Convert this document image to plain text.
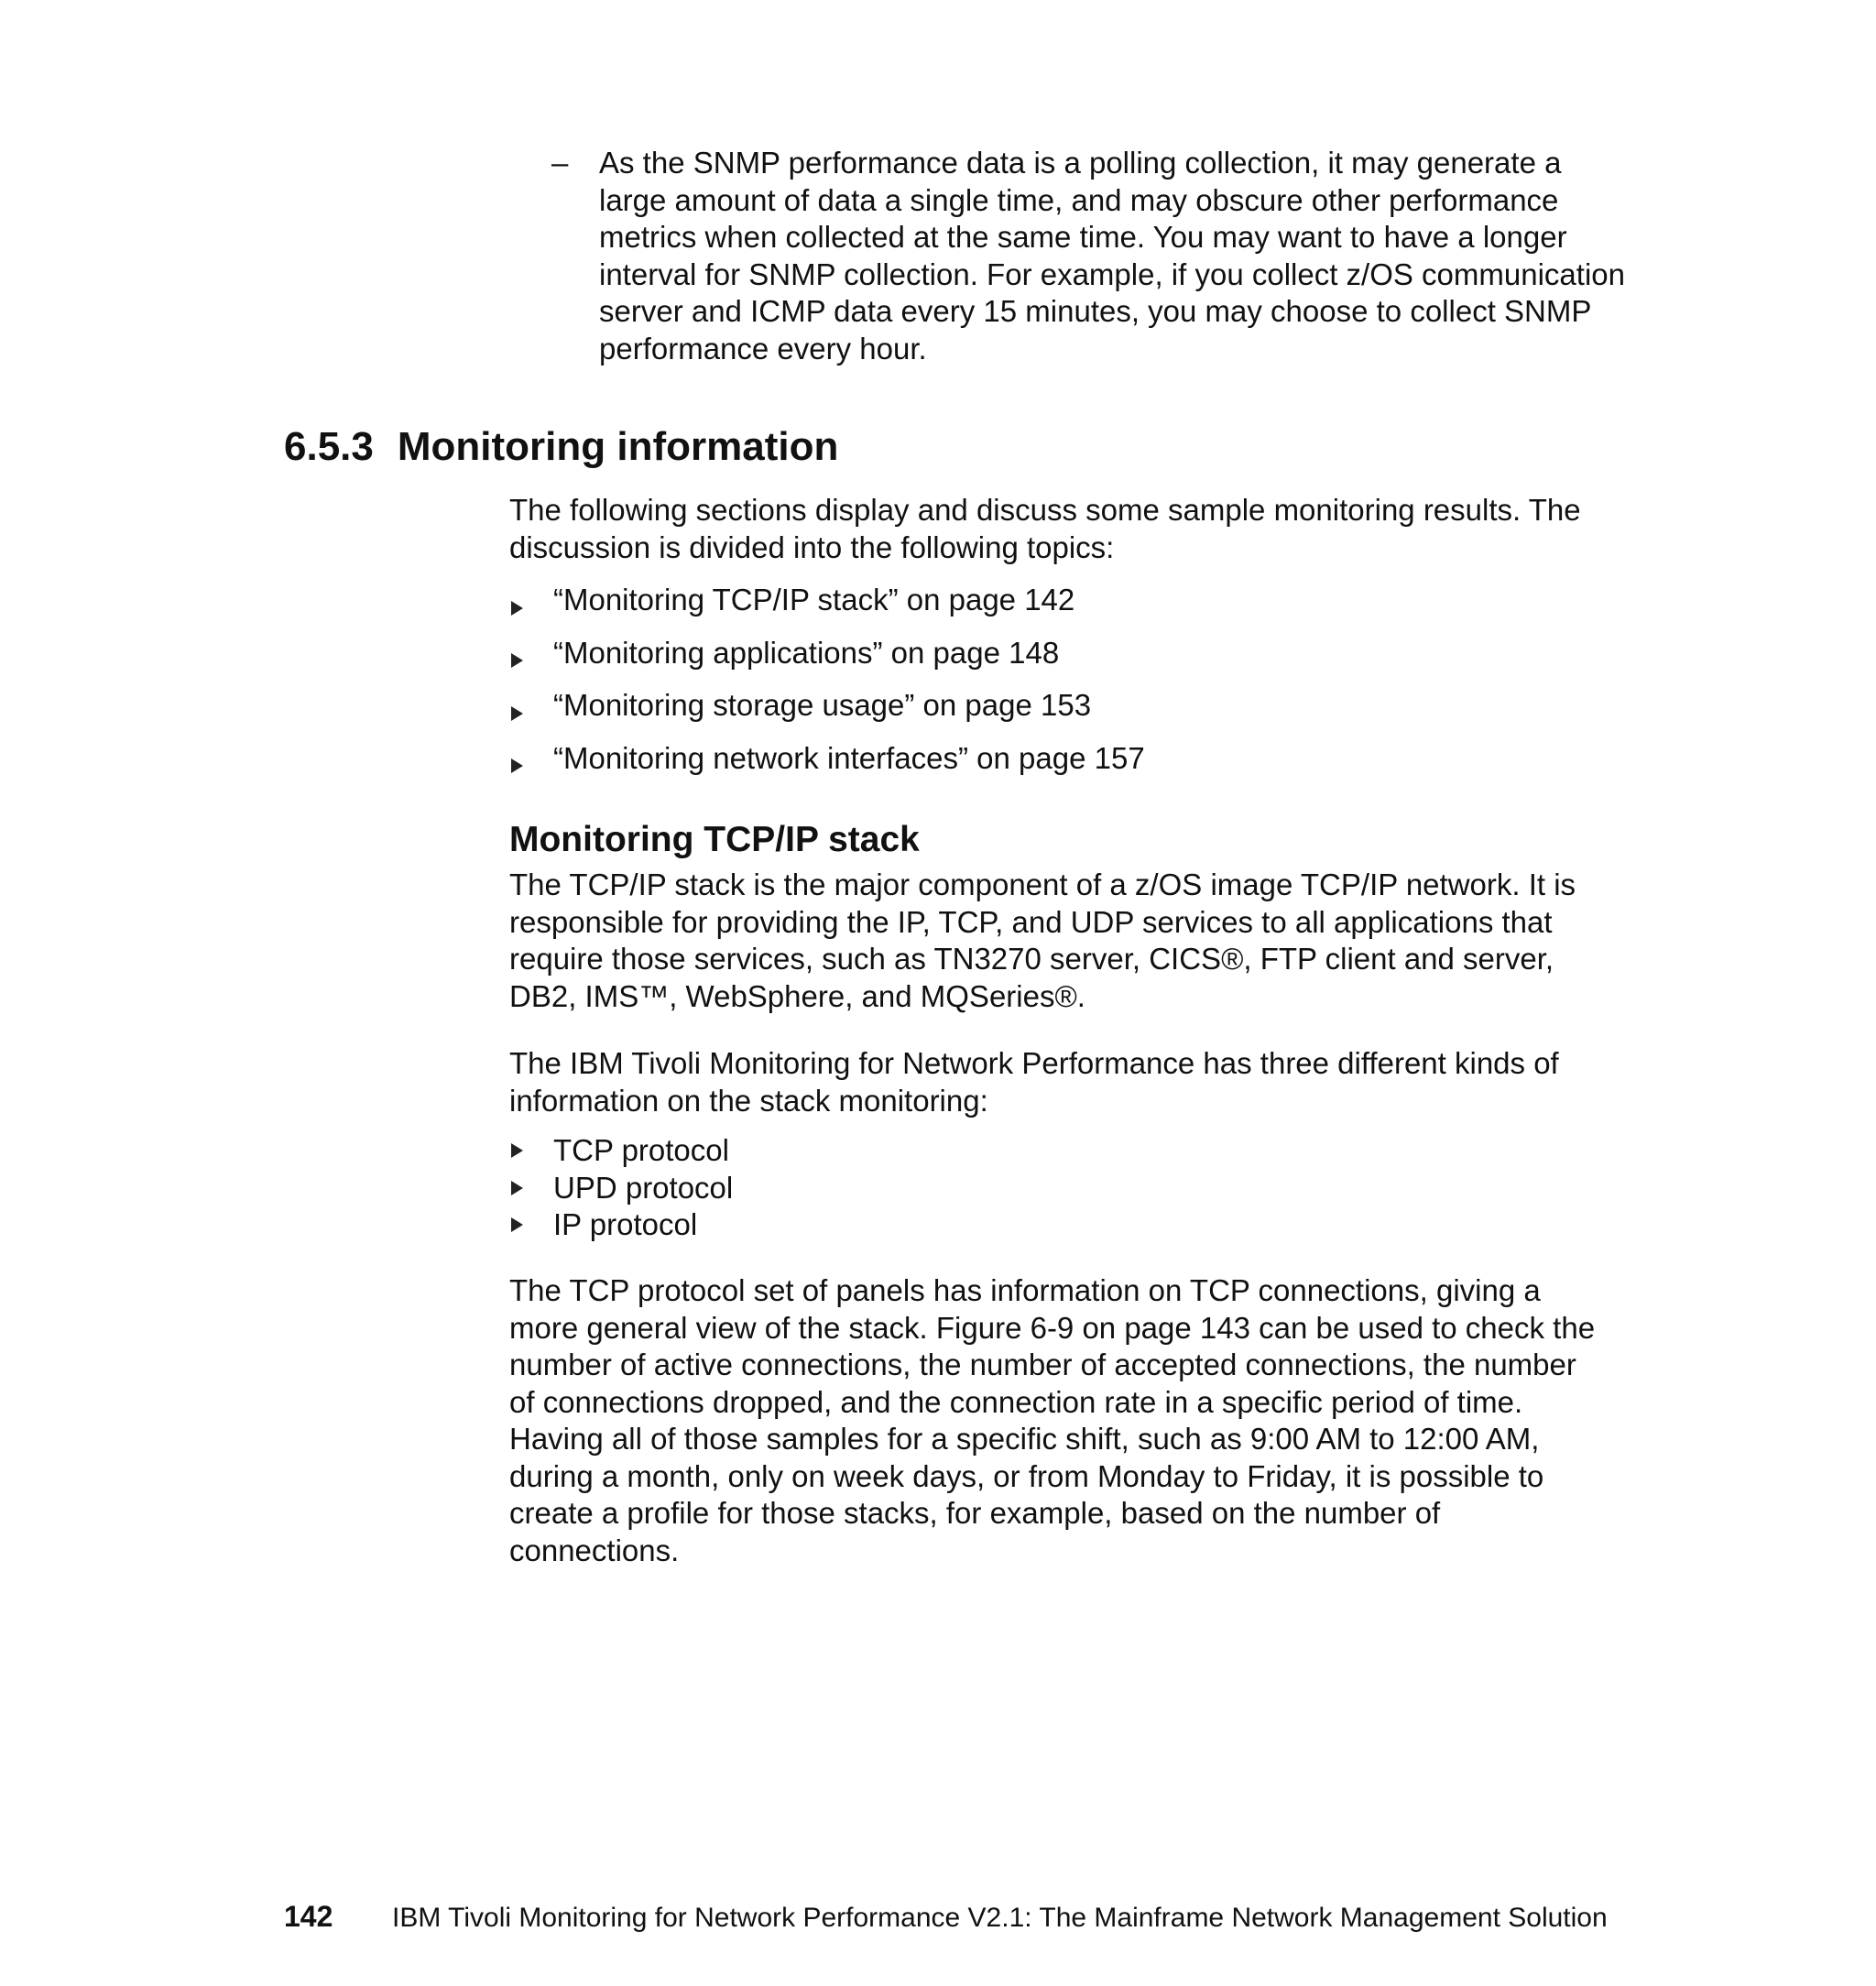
– As the SNMP performance data is a polling collection, it may generate a large amount of data a single time, and may obscure other performance metrics when collected at the same time. You may want to have a longer interval for SNMP collection. For example, if you collect z/OS communication server and ICMP data every 15 minutes, you may choose to collect SNMP performance every hour.
6.5.3 Monitoring information

The following sections display and discuss some sample monitoring results. The discussion is divided into the following topics:

“Monitoring TCP/IP stack” on page 142
“Monitoring applications” on page 148
“Monitoring storage usage” on page 153
“Monitoring network interfaces” on page 157
Monitoring TCP/IP stack

The TCP/IP stack is the major component of a z/OS image TCP/IP network. It is responsible for providing the IP, TCP, and UDP services to all applications that require those services, such as TN3270 server, CICS®, FTP client and server, DB2, IMS™, WebSphere, and MQSeries®.

The IBM Tivoli Monitoring for Network Performance has three different kinds of information on the stack monitoring:

TCP protocol
UPD protocol
IP protocol

The TCP protocol set of panels has information on TCP connections, giving a more general view of the stack. Figure 6-9 on page 143 can be used to check the number of active connections, the number of accepted connections, the number of connections dropped, and the connection rate in a specific period of time. Having all of those samples for a specific shift, such as 9:00 AM to 12:00 AM, during a month, only on week days, or from Monday to Friday, it is possible to create a profile for those stacks, for example, based on the number of connections.

142 IBM Tivoli Monitoring for Network Performance V2.1: The Mainframe Network Management Solution
